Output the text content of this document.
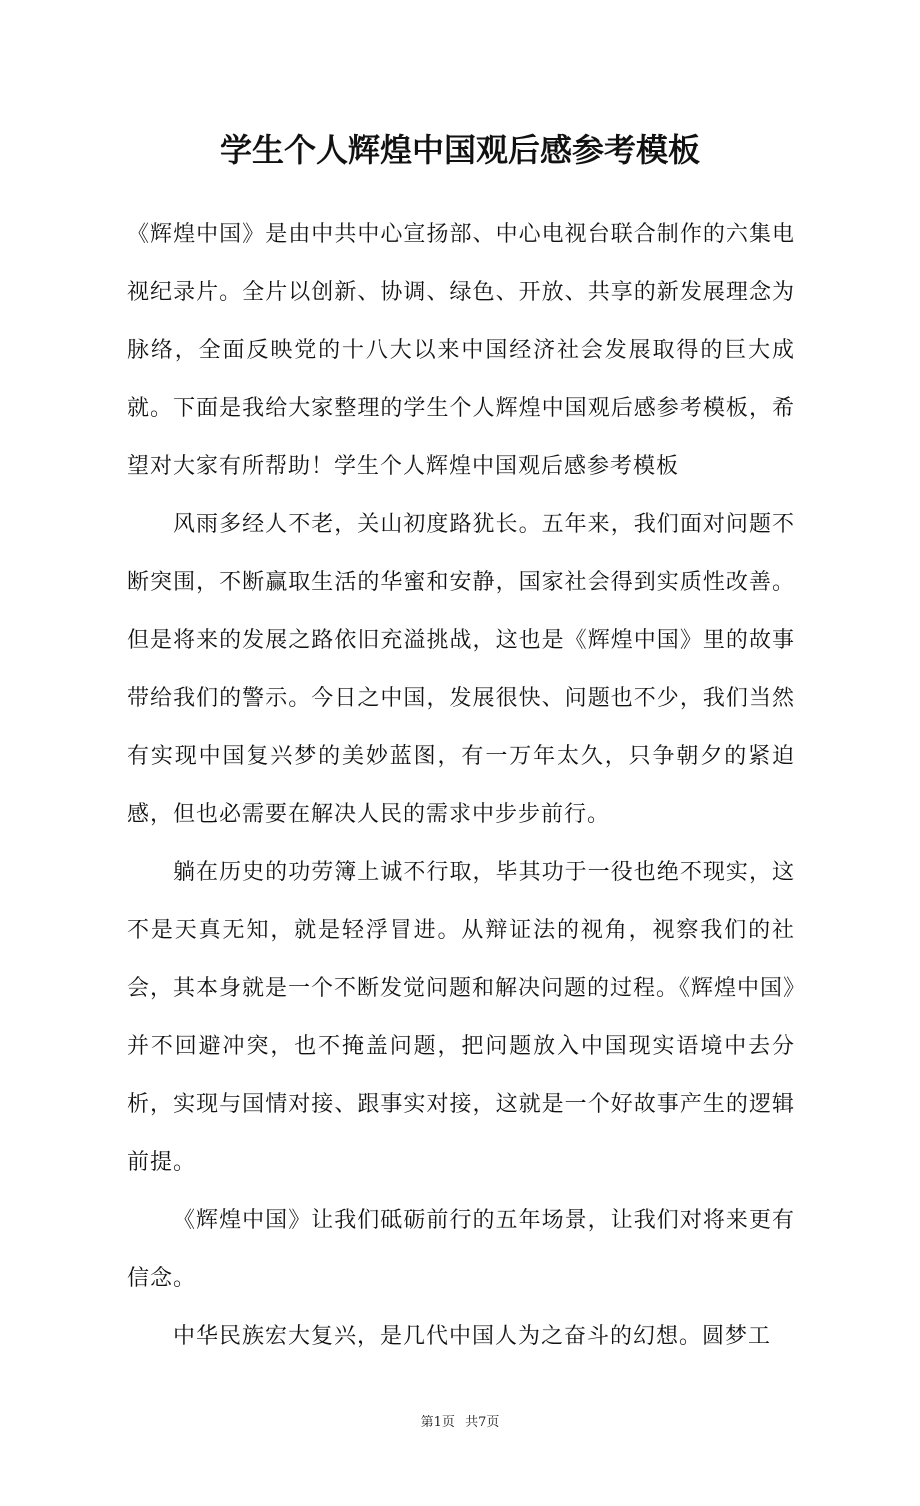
学生个人辉煌中国观后感参考模板

《辉煌中国》是由中共中心宣扬部、中心电视台联合制作的六集电视纪录片。全片以创新、协调、绿色、开放、共享的新发展理念为脉络，全面反映党的十八大以来中国经济社会发展取得的巨大成就。下面是我给大家整理的学生个人辉煌中国观后感参考模板，希望对大家有所帮助！学生个人辉煌中国观后感参考模板

风雨多经人不老，关山初度路犹长。五年来，我们面对问题不断突围，不断赢取生活的华蜜和安静，国家社会得到实质性改善。但是将来的发展之路依旧充溢挑战，这也是《辉煌中国》里的故事带给我们的警示。今日之中国，发展很快、问题也不少，我们当然有实现中国复兴梦的美妙蓝图，有一万年太久，只争朝夕的紧迫感，但也必需要在解决人民的需求中步步前行。

躺在历史的功劳簿上诚不行取，毕其功于一役也绝不现实，这不是天真无知，就是轻浮冒进。从辩证法的视角，视察我们的社会，其本身就是一个不断发觉问题和解决问题的过程。《辉煌中国》并不回避冲突，也不掩盖问题，把问题放入中国现实语境中去分析，实现与国情对接、跟事实对接，这就是一个好故事产生的逻辑前提。

《辉煌中国》让我们砥砺前行的五年场景，让我们对将来更有信念。

中华民族宏大复兴，是几代中国人为之奋斗的幻想。圆梦工

第1页 共7页
